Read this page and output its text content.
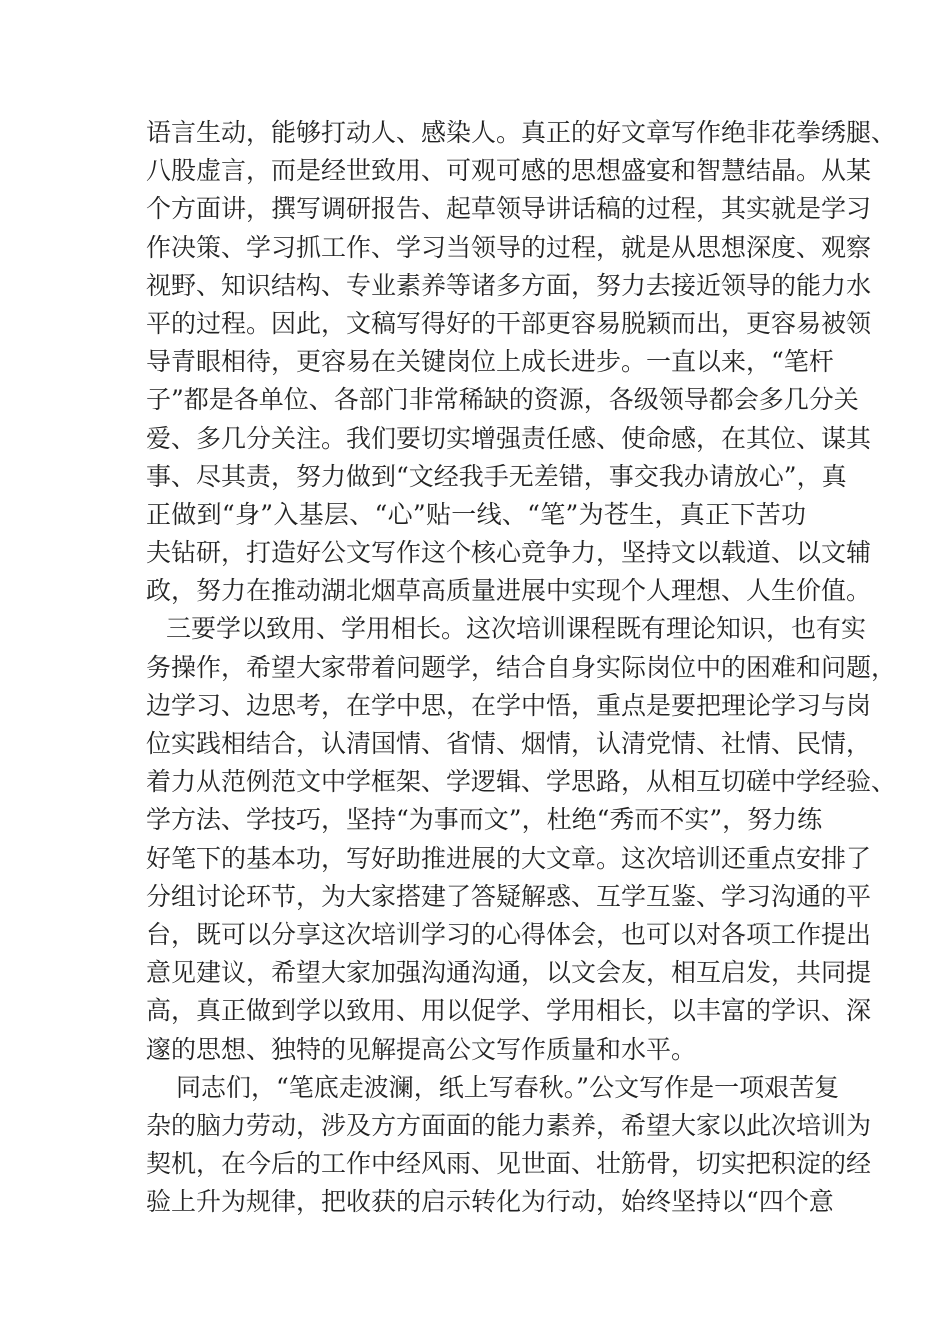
语言生动，能够打动人、感染人。真正的好文章写作绝非花拳绣腿、
八股虚言，而是经世致用、可观可感的思想盛宴和智慧结晶。从某
个方面讲，撰写调研报告、起草领导讲话稿的过程，其实就是学习
作决策、学习抓工作、学习当领导的过程，就是从思想深度、观察
视野、知识结构、专业素养等诸多方面，努力去接近领导的能力水
平的过程。因此，文稿写得好的干部更容易脱颖而出，更容易被领
导青眼相待，更容易在关键岗位上成长进步。一直以来，“笔杆
子”都是各单位、各部门非常稀缺的资源，各级领导都会多几分关
爱、多几分关注。我们要切实增强责任感、使命感，在其位、谋其
事、尽其责，努力做到“文经我手无差错，事交我办请放心”，真
正做到“身”入基层、“心”贴一线、“笔”为苍生，真正下苦功
夫钻研，打造好公文写作这个核心竞争力，坚持文以载道、以文辅
政，努力在推动湖北烟草高质量进展中实现个人理想、人生价值。
三要学以致用、学用相长。这次培训课程既有理论知识，也有实
务操作，希望大家带着问题学，结合自身实际岗位中的困难和问题，
边学习、边思考，在学中思，在学中悟，重点是要把理论学习与岗
位实践相结合，认清国情、省情、烟情，认清党情、社情、民情，
着力从范例范文中学框架、学逻辑、学思路，从相互切磋中学经验、
学方法、学技巧，坚持“为事而文”，杜绝“秀而不实”，努力练
好笔下的基本功，写好助推进展的大文章。这次培训还重点安排了
分组讨论环节，为大家搭建了答疑解惑、互学互鉴、学习沟通的平
台，既可以分享这次培训学习的心得体会，也可以对各项工作提出
意见建议，希望大家加强沟通沟通，以文会友，相互启发，共同提
高，真正做到学以致用、用以促学、学用相长，以丰富的学识、深
邃的思想、独特的见解提高公文写作质量和水平。
同志们，“笔底走波澜，纸上写春秋。”公文写作是一项艰苦复
杂的脑力劳动，涉及方方面面的能力素养，希望大家以此次培训为
契机，在今后的工作中经风雨、见世面、壮筋骨，切实把积淀的经
验上升为规律，把收获的启示转化为行动，始终坚持以“四个意
